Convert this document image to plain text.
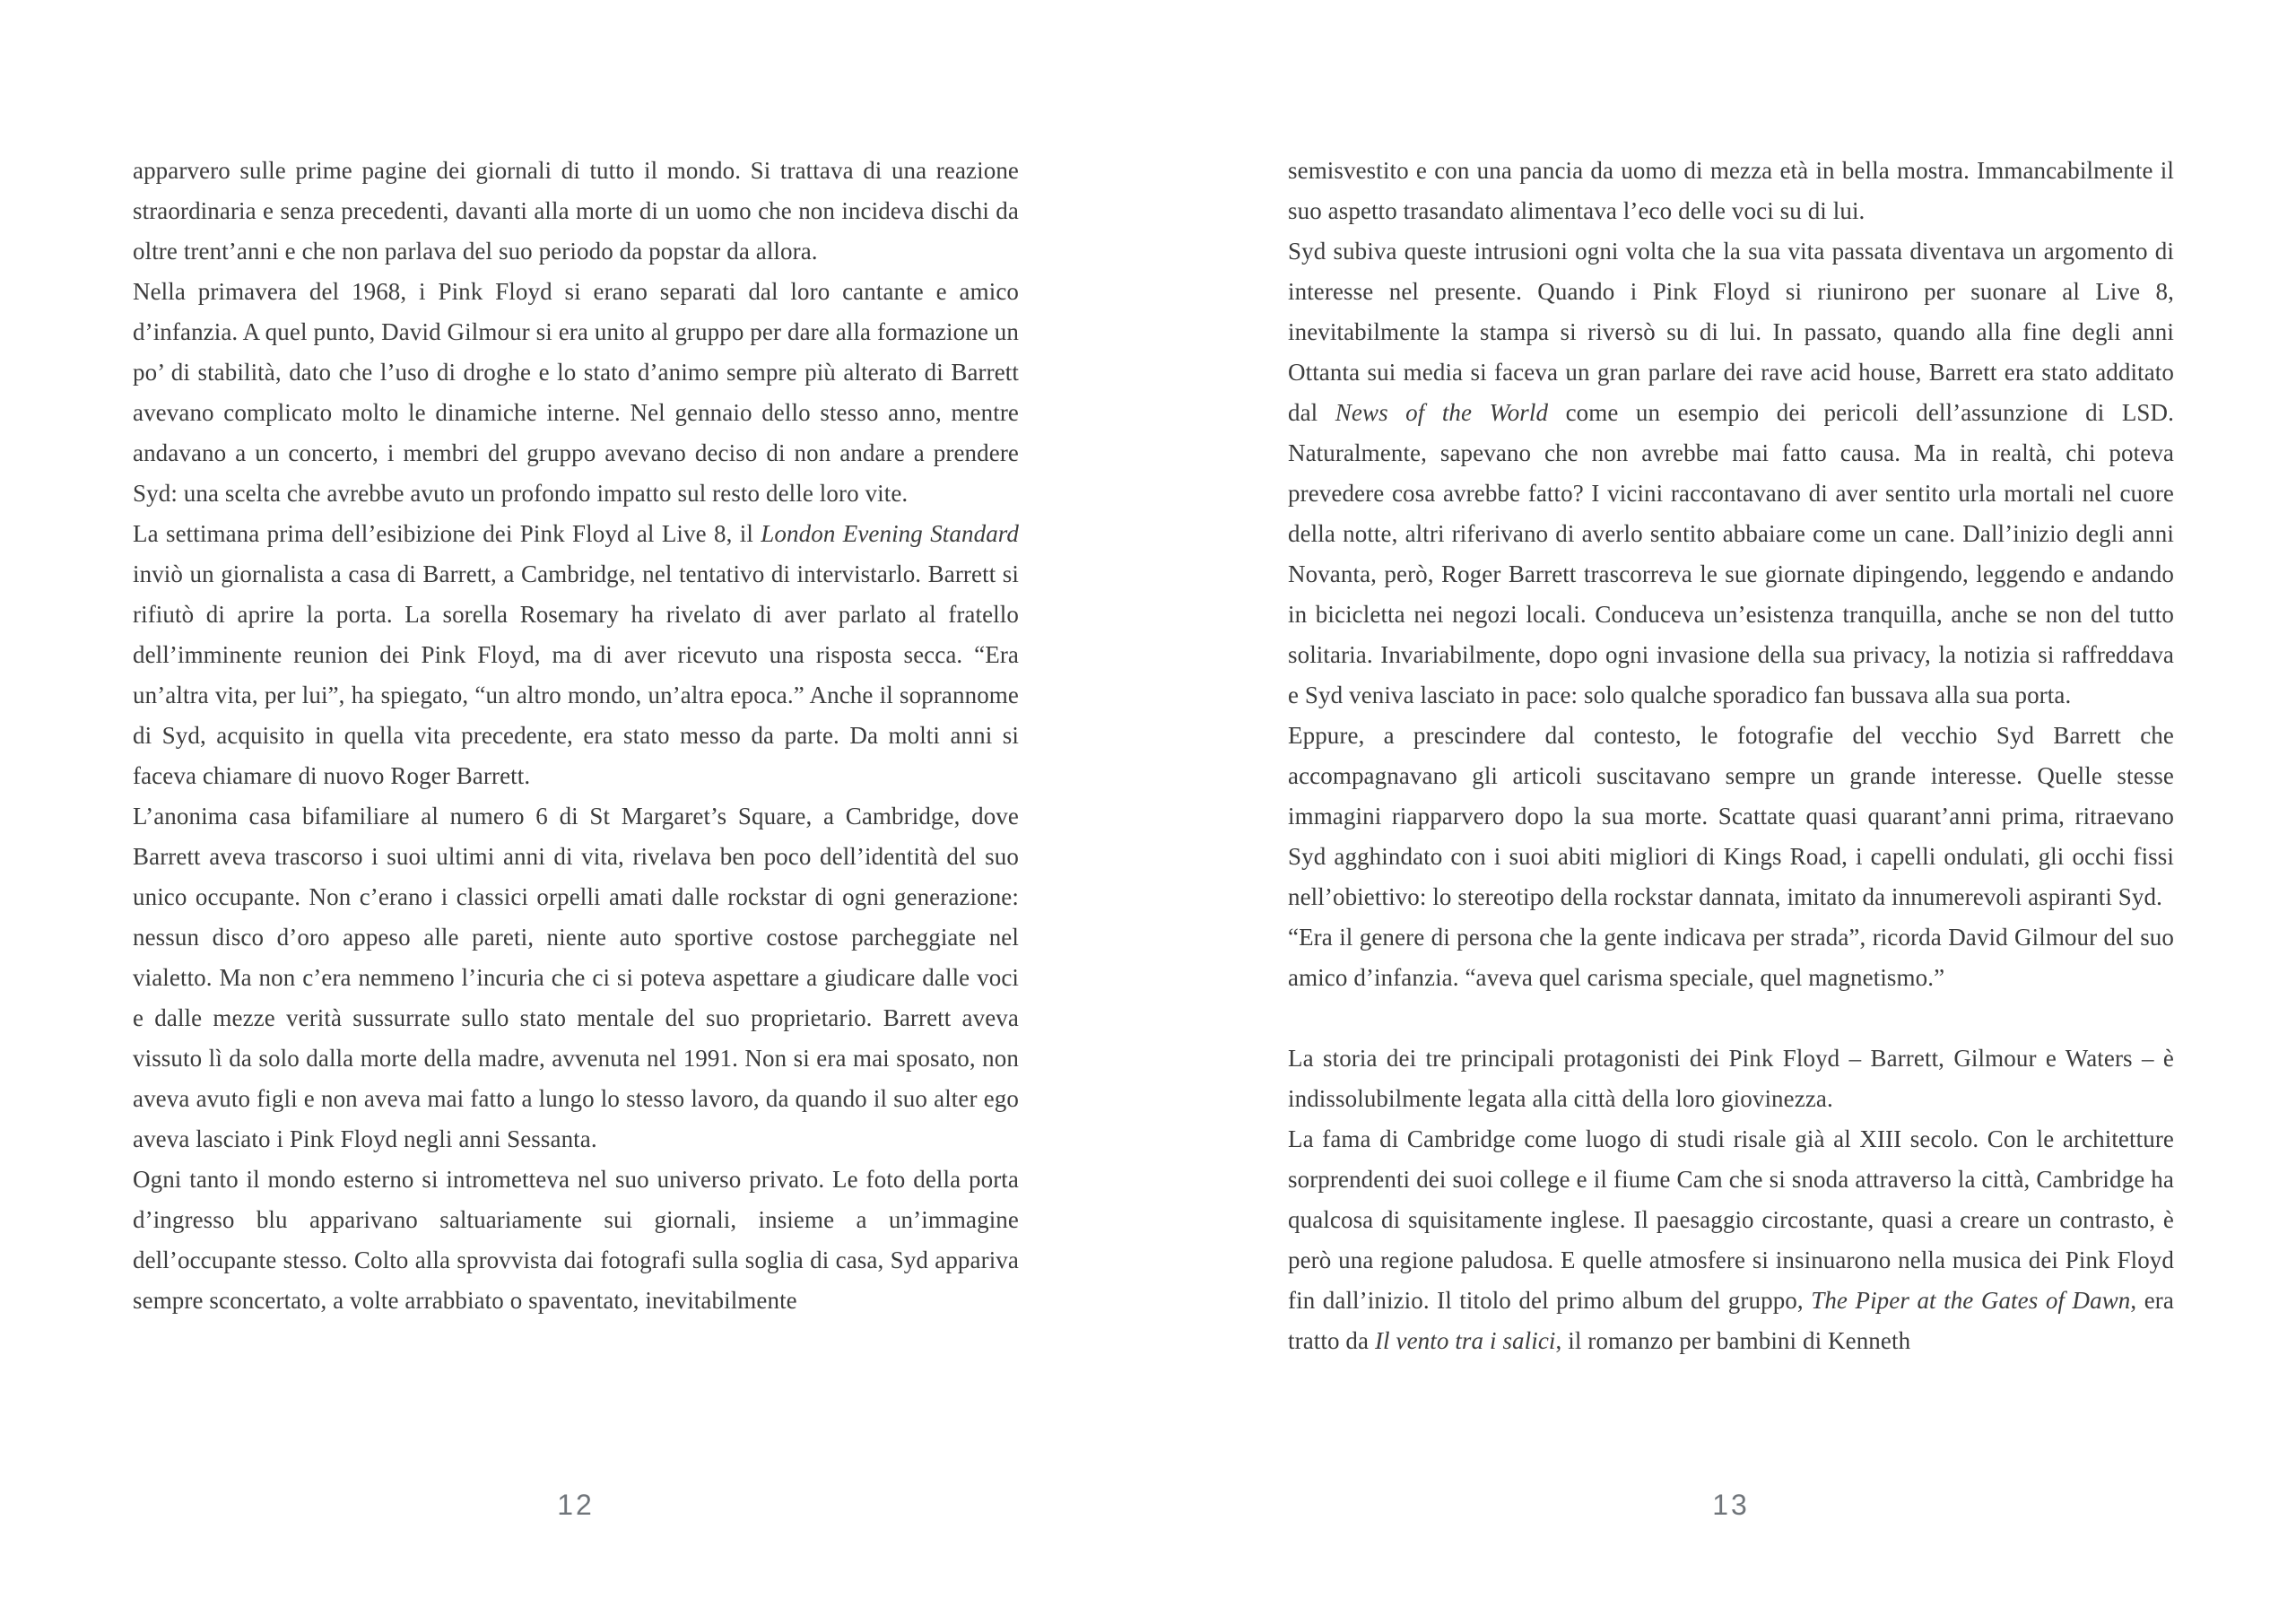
apparvero sulle prime pagine dei giornali di tutto il mondo. Si trattava di una reazione straordinaria e senza precedenti, davanti alla morte di un uomo che non incideva dischi da oltre trent’anni e che non parlava del suo periodo da popstar da allora.

Nella primavera del 1968, i Pink Floyd si erano separati dal loro cantante e amico d’infanzia. A quel punto, David Gilmour si era unito al gruppo per dare alla formazione un po’ di stabilità, dato che l’uso di droghe e lo stato d’animo sempre più alterato di Barrett avevano complicato molto le dinamiche interne. Nel gennaio dello stesso anno, mentre andavano a un concerto, i membri del gruppo avevano deciso di non andare a prendere Syd: una scelta che avrebbe avuto un profondo impatto sul resto delle loro vite.

La settimana prima dell’esibizione dei Pink Floyd al Live 8, il London Evening Standard inviò un giornalista a casa di Barrett, a Cambridge, nel tentativo di intervistarlo. Barrett si rifiutò di aprire la porta. La sorella Rosemary ha rivelato di aver parlato al fratello dell’imminente reunion dei Pink Floyd, ma di aver ricevuto una risposta secca. “Era un’altra vita, per lui”, ha spiegato, “un altro mondo, un’altra epoca.” Anche il soprannome di Syd, acquisito in quella vita precedente, era stato messo da parte. Da molti anni si faceva chiamare di nuovo Roger Barrett.

L’anonima casa bifamiliare al numero 6 di St Margaret’s Square, a Cambridge, dove Barrett aveva trascorso i suoi ultimi anni di vita, rivelava ben poco dell’identità del suo unico occupante. Non c’erano i classici orpelli amati dalle rockstar di ogni generazione: nessun disco d’oro appeso alle pareti, niente auto sportive costose parcheggiate nel vialetto. Ma non c’era nemmeno l’incuria che ci si poteva aspettare a giudicare dalle voci e dalle mezze verità sussurrate sullo stato mentale del suo proprietario. Barrett aveva vissuto lì da solo dalla morte della madre, avvenuta nel 1991. Non si era mai sposato, non aveva avuto figli e non aveva mai fatto a lungo lo stesso lavoro, da quando il suo alter ego aveva lasciato i Pink Floyd negli anni Sessanta.

Ogni tanto il mondo esterno si intrometteva nel suo universo privato. Le foto della porta d’ingresso blu apparivano saltuariamente sui giornali, insieme a un’immagine dell’occupante stesso. Colto alla sprovvista dai fotografi sulla soglia di casa, Syd appariva sempre sconcertato, a volte arrabbiato o spaventato, inevitabilmente

12

semisvestito e con una pancia da uomo di mezza età in bella mostra. Immancabilmente il suo aspetto trasandato alimentava l’eco delle voci su di lui.

Syd subiva queste intrusioni ogni volta che la sua vita passata diventava un argomento di interesse nel presente. Quando i Pink Floyd si riunirono per suonare al Live 8, inevitabilmente la stampa si riversò su di lui. In passato, quando alla fine degli anni Ottanta sui media si faceva un gran parlare dei rave acid house, Barrett era stato additato dal News of the World come un esempio dei pericoli dell’assunzione di LSD. Naturalmente, sapevano che non avrebbe mai fatto causa. Ma in realtà, chi poteva prevedere cosa avrebbe fatto? I vicini raccontavano di aver sentito urla mortali nel cuore della notte, altri riferivano di averlo sentito abbaiare come un cane. Dall’inizio degli anni Novanta, però, Roger Barrett trascorreva le sue giornate dipingendo, leggendo e andando in bicicletta nei negozi locali. Conduceva un’esistenza tranquilla, anche se non del tutto solitaria. Invariabilmente, dopo ogni invasione della sua privacy, la notizia si raffreddava e Syd veniva lasciato in pace: solo qualche sporadico fan bussava alla sua porta.

Eppure, a prescindere dal contesto, le fotografie del vecchio Syd Barrett che accompagnavano gli articoli suscitavano sempre un grande interesse. Quelle stesse immagini riapparvero dopo la sua morte. Scattate quasi quarant’anni prima, ritraevano Syd agghindato con i suoi abiti migliori di Kings Road, i capelli ondulati, gli occhi fissi nell’obiettivo: lo stereotipo della rockstar dannata, imitato da innumerevoli aspiranti Syd.

“Era il genere di persona che la gente indicava per strada”, ricorda David Gilmour del suo amico d’infanzia. “aveva quel carisma speciale, quel magnetismo.”

La storia dei tre principali protagonisti dei Pink Floyd – Barrett, Gilmour e Waters – è indissolubilmente legata alla città della loro giovinezza.

La fama di Cambridge come luogo di studi risale già al XIII secolo. Con le architetture sorprendenti dei suoi college e il fiume Cam che si snoda attraverso la città, Cambridge ha qualcosa di squisitamente inglese. Il paesaggio circostante, quasi a creare un contrasto, è però una regione paludosa. E quelle atmosfere si insinuarono nella musica dei Pink Floyd fin dall’inizio. Il titolo del primo album del gruppo, The Piper at the Gates of Dawn, era tratto da Il vento tra i salici, il romanzo per bambini di Kenneth

13
